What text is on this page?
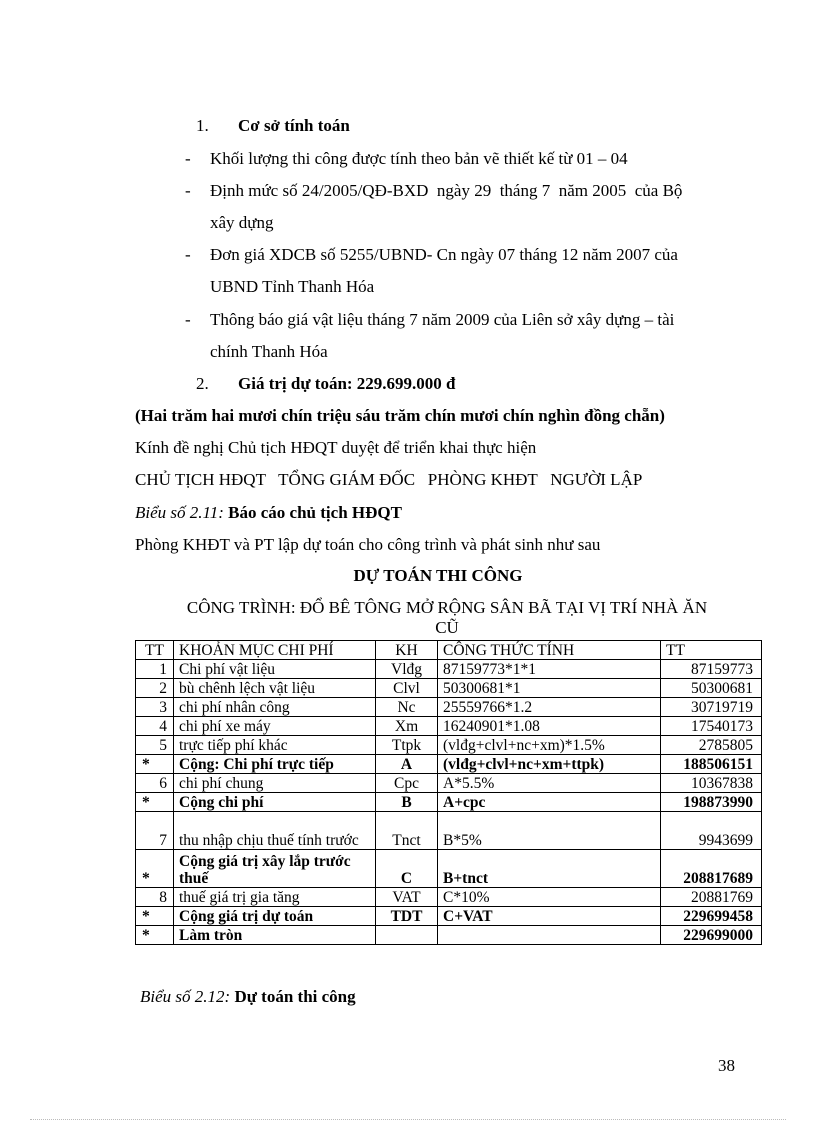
1. Cơ sở tính toán
- Khối lượng thi công được tính theo bản vẽ thiết kế từ 01 – 04
- Định mức số 24/2005/QĐ-BXD  ngày 29  tháng 7  năm 2005  của Bộ
xây dựng
- Đơn giá XDCB số 5255/UBND- Cn ngày 07 tháng 12 năm 2007 của
UBND Tỉnh Thanh Hóa
- Thông báo giá vật liệu tháng 7 năm 2009 của Liên sở xây dựng – tài
chính Thanh Hóa
2. Giá trị dự toán: 229.699.000 đ
(Hai trăm hai mươi chín triệu sáu trăm chín mươi chín nghìn đồng chẵn)
Kính đề nghị Chủ tịch HĐQT duyệt để triển khai thực hiện
CHỦ TỊCH HĐQT   TỔNG GIÁM ĐỐC   PHÒNG KHĐT   NGƯỜI LẬP
Biểu số 2.11: Báo cáo chủ tịch HĐQT
Phòng KHĐT và PT lập dự toán cho công trình và phát sinh như sau
DỰ TOÁN THI CÔNG
CÔNG TRÌNH: ĐỔ BÊ TÔNG MỞ RỘNG SÂN BÃ TẠI VỊ TRÍ NHÀ ĂN
CŨ
TT	KHOẢN MỤC CHI PHÍ	KH	CÔNG THỨC TÍNH	TT
1	Chi phí vật liệu	Vlđg	87159773*1*1	87159773
2	bù chênh lệch vật liệu	Clvl	50300681*1	50300681
3	chi phí nhân công	Nc	25559766*1.2	30719719
4	chi phí xe máy	Xm	16240901*1.08	17540173
5	trực tiếp phí khác	Ttpk	(vlđg+clvl+nc+xm)*1.5%	2785805
*	Cộng: Chi phí trực tiếp	A	(vlđg+clvl+nc+xm+ttpk)	188506151
6	chi phí chung	Cpc	A*5.5%	10367838
*	Cộng chi phí	B	A+cpc	198873990
7	thu nhập chịu thuế tính trước	Tnct	B*5%	9943699
*	Cộng giá trị xây lắp trước thuế	C	B+tnct	208817689
8	thuế giá trị gia tăng	VAT	C*10%	20881769
*	Cộng giá trị dự toán	TDT	C+VAT	229699458
*	Làm tròn			229699000
Biểu số 2.12: Dự toán thi công
38
